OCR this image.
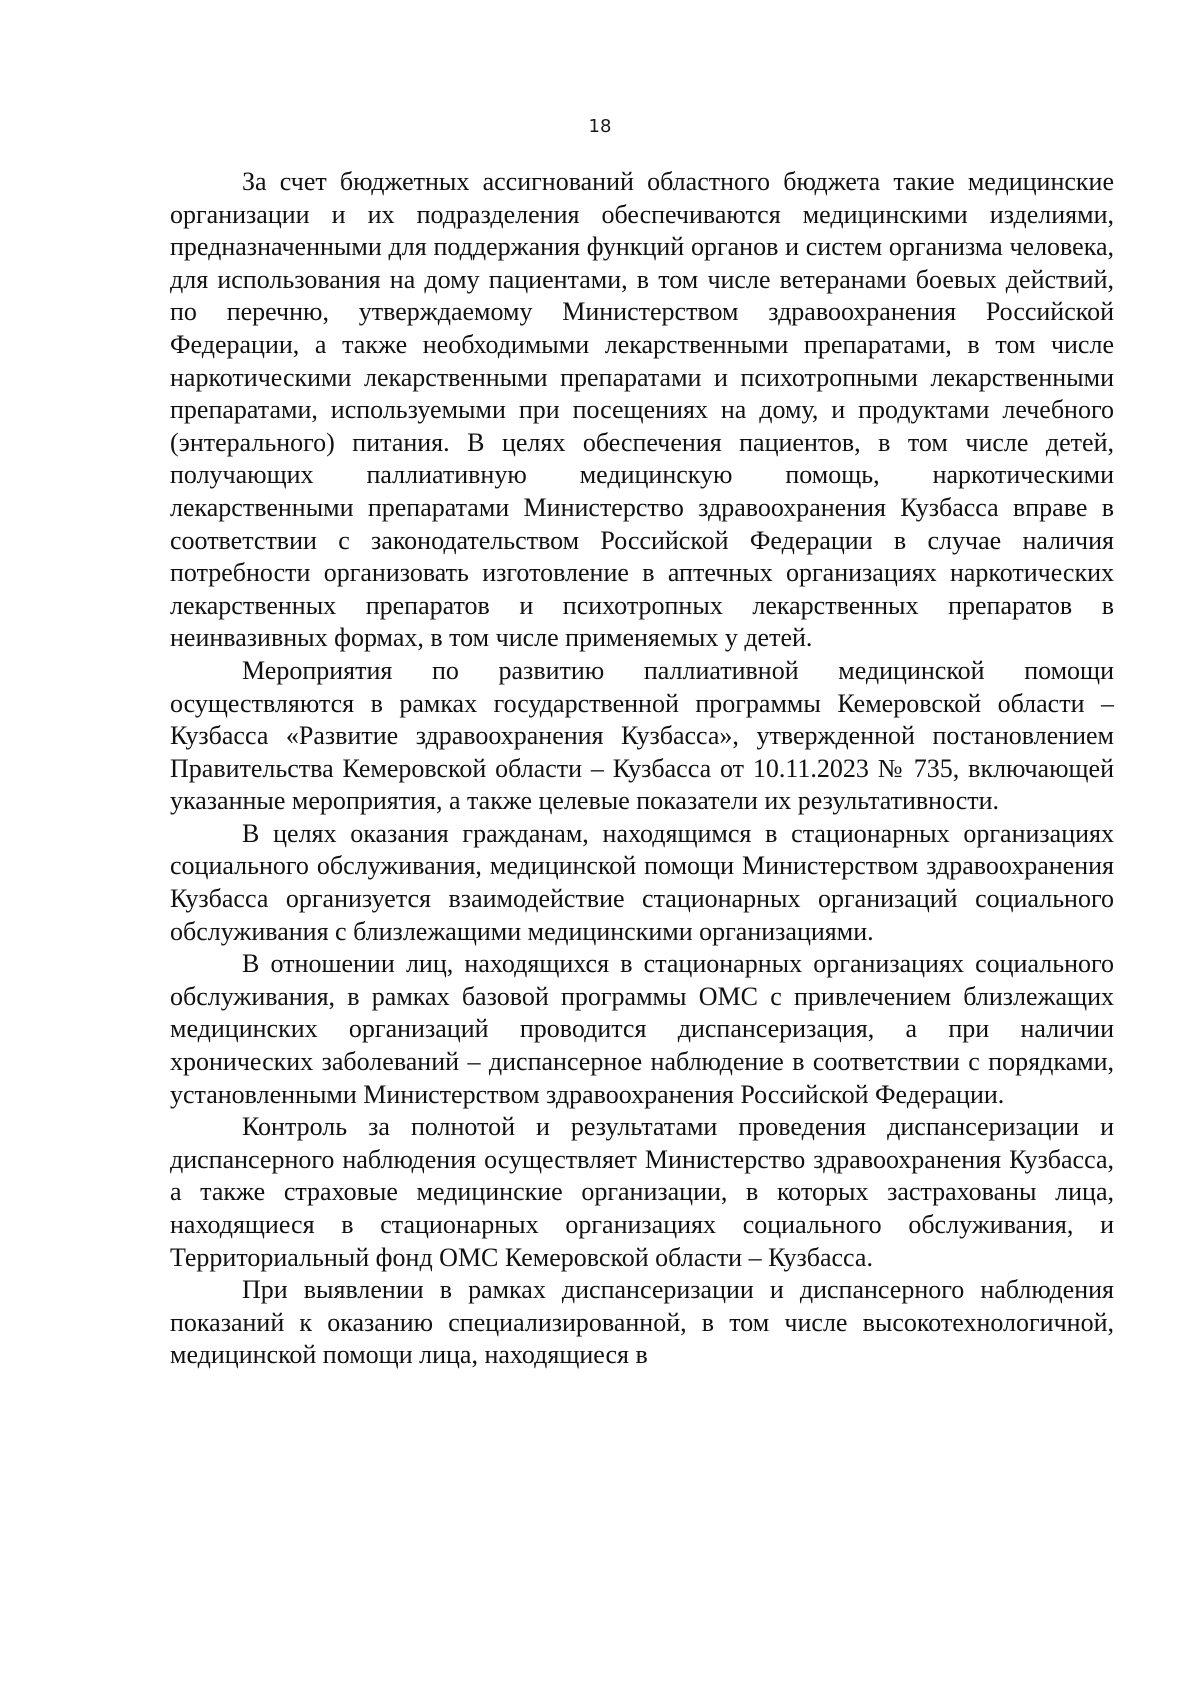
18

За счет бюджетных ассигнований областного бюджета такие медицинские организации и их подразделения обеспечиваются медицинскими изделиями, предназначенными для поддержания функций органов и систем организма человека, для использования на дому пациентами, в том числе ветеранами боевых действий, по перечню, утверждаемому Министерством здравоохранения Российской Федерации, а также необходимыми лекарственными препаратами, в том числе наркотическими лекарственными препаратами и психотропными лекарственными препаратами, используемыми при посещениях на дому, и продуктами лечебного (энтерального) питания. В целях обеспечения пациентов, в том числе детей, получающих паллиативную медицинскую помощь, наркотическими лекарственными препаратами Министерство здравоохранения Кузбасса вправе в соответствии с законодательством Российской Федерации в случае наличия потребности организовать изготовление в аптечных организациях наркотических лекарственных препаратов и психотропных лекарственных препаратов в неинвазивных формах, в том числе применяемых у детей.

Мероприятия по развитию паллиативной медицинской помощи осуществляются в рамках государственной программы Кемеровской области – Кузбасса «Развитие здравоохранения Кузбасса», утвержденной постановлением Правительства Кемеровской области – Кузбасса от 10.11.2023 № 735, включающей указанные мероприятия, а также целевые показатели их результативности.

В целях оказания гражданам, находящимся в стационарных организациях социального обслуживания, медицинской помощи Министерством здравоохранения Кузбасса организуется взаимодействие стационарных организаций социального обслуживания с близлежащими медицинскими организациями.

В отношении лиц, находящихся в стационарных организациях социального обслуживания, в рамках базовой программы ОМС с привлечением близлежащих медицинских организаций проводится диспансеризация, а при наличии хронических заболеваний – диспансерное наблюдение в соответствии с порядками, установленными Министерством здравоохранения Российской Федерации.

Контроль за полнотой и результатами проведения диспансеризации и диспансерного наблюдения осуществляет Министерство здравоохранения Кузбасса, а также страховые медицинские организации, в которых застрахованы лица, находящиеся в стационарных организациях социального обслуживания, и Территориальный фонд ОМС Кемеровской области – Кузбасса.

При выявлении в рамках диспансеризации и диспансерного наблюдения показаний к оказанию специализированной, в том числе высокотехнологичной, медицинской помощи лица, находящиеся в
